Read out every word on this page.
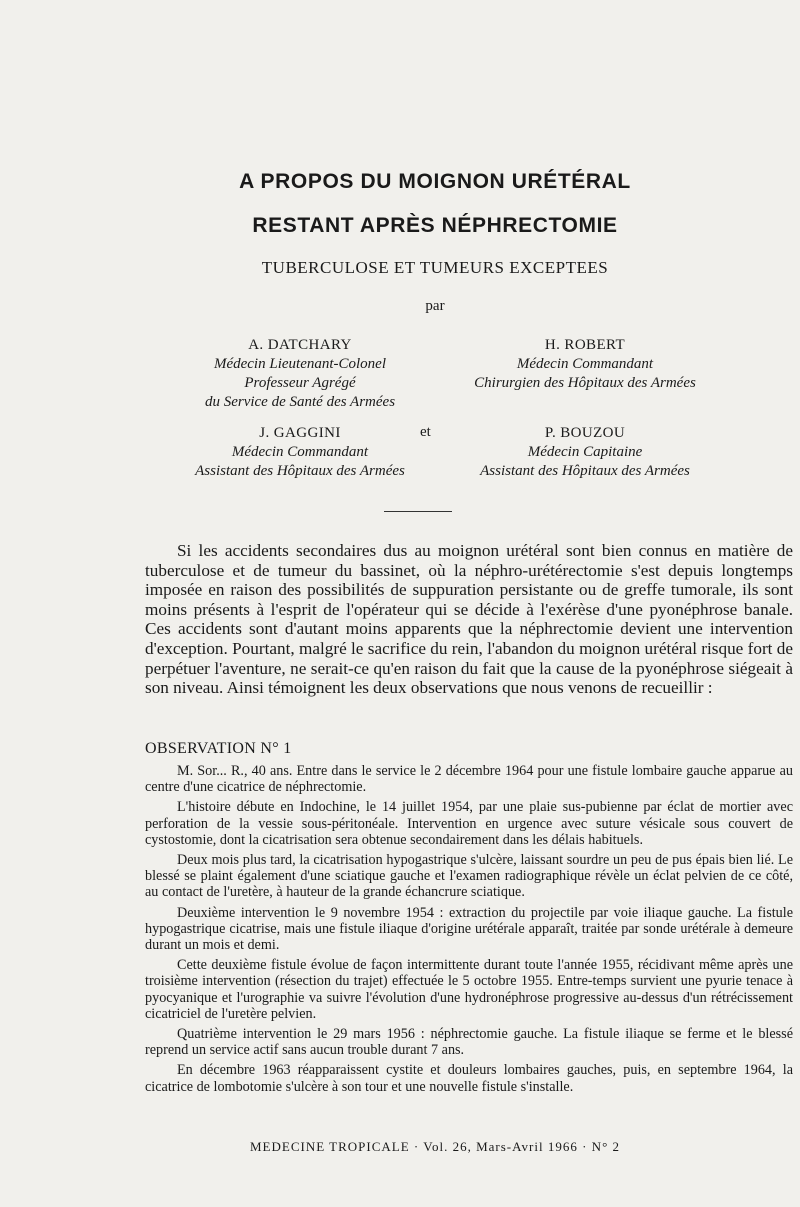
A PROPOS DU MOIGNON URÉTÉRAL
RESTANT APRÈS NÉPHRECTOMIE
TUBERCULOSE ET TUMEURS EXCEPTEES
par
A. DATCHARY
Médecin Lieutenant-Colonel
Professeur Agrégé
du Service de Santé des Armées
H. ROBERT
Médecin Commandant
Chirurgien des Hôpitaux des Armées
J. GAGGINI
Médecin Commandant
Assistant des Hôpitaux des Armées
et	P. BOUZOU
Médecin Capitaine
Assistant des Hôpitaux des Armées

Si les accidents secondaires dus au moignon urétéral sont bien connus en matière de tuberculose et de tumeur du bassinet, où la néphro-urétérectomie s'est depuis longtemps imposée en raison des possibilités de suppuration persistante ou de greffe tumorale, ils sont moins présents à l'esprit de l'opérateur qui se décide à l'exérèse d'une pyonéphrose banale. Ces accidents sont d'autant moins apparents que la néphrectomie devient une intervention d'exception. Pourtant, malgré le sacrifice du rein, l'abandon du moignon urétéral risque fort de perpétuer l'aventure, ne serait-ce qu'en raison du fait que la cause de la pyonéphrose siégeait à son niveau. Ainsi témoignent les deux observations que nous venons de recueillir :

OBSERVATION N° 1

M. Sor... R., 40 ans. Entre dans le service le 2 décembre 1964 pour une fistule lombaire gauche apparue au centre d'une cicatrice de néphrectomie.

L'histoire débute en Indochine, le 14 juillet 1954, par une plaie sus-pubienne par éclat de mortier avec perforation de la vessie sous-péritonéale. Intervention en urgence avec suture vésicale sous couvert de cystostomie, dont la cicatrisation sera obtenue secondairement dans les délais habituels.

Deux mois plus tard, la cicatrisation hypogastrique s'ulcère, laissant sourdre un peu de pus épais bien lié. Le blessé se plaint également d'une sciatique gauche et l'examen radiographique révèle un éclat pelvien de ce côté, au contact de l'uretère, à hauteur de la grande échancrure sciatique.

Deuxième intervention le 9 novembre 1954 : extraction du projectile par voie iliaque gauche. La fistule hypogastrique cicatrise, mais une fistule iliaque d'origine urétérale apparaît, traitée par sonde urétérale à demeure durant un mois et demi.

Cette deuxième fistule évolue de façon intermittente durant toute l'année 1955, récidivant même après une troisième intervention (résection du trajet) effectuée le 5 octobre 1955. Entre-temps survient une pyurie tenace à pyocyanique et l'urographie va suivre l'évolution d'une hydronéphrose progressive au-dessus d'un rétrécissement cicatriciel de l'uretère pelvien.

Quatrième intervention le 29 mars 1956 : néphrectomie gauche. La fistule iliaque se ferme et le blessé reprend un service actif sans aucun trouble durant 7 ans.

En décembre 1963 réapparaissent cystite et douleurs lombaires gauches, puis, en septembre 1964, la cicatrice de lombotomie s'ulcère à son tour et une nouvelle fistule s'installe.

MEDECINE TROPICALE · Vol. 26, Mars-Avril 1966 · N° 2
